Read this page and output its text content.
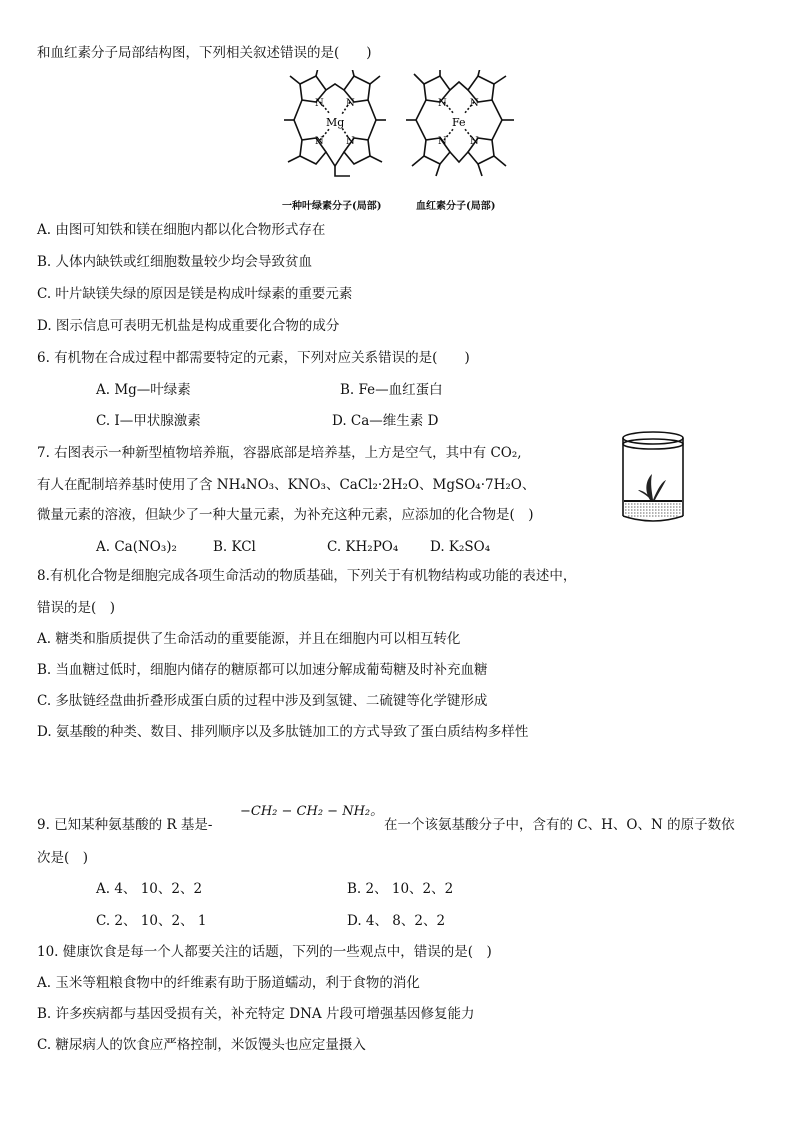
和血红素分子局部结构图，下列相关叙述错误的是(　　)
N N
N N
Mg
一种叶绿素分子(局部)
N N
N N
Fe
血红素分子(局部)
A. 由图可知铁和镁在细胞内都以化合物形式存在
B. 人体内缺铁或红细胞数量较少均会导致贫血
C. 叶片缺镁失绿的原因是镁是构成叶绿素的重要元素
D. 图示信息可表明无机盐是构成重要化合物的成分
6. 有机物在合成过程中都需要特定的元素，下列对应关系错误的是(　　)
A. Mg—叶绿素	B. Fe—血红蛋白
C. I—甲状腺激素	D. Ca—维生素 D
7. 右图表示一种新型植物培养瓶，容器底部是培养基，上方是空气，其中有 CO₂,
有人在配制培养基时使用了含 NH₄NO₃、KNO₃、CaCl₂·2H₂O、MgSO₄·7H₂O、
微量元素的溶液，但缺少了一种大量元素，为补充这种元素，应添加的化合物是(　)
A. Ca(NO₃)₂	B. KCl	C. KH₂PO₄ D. K₂SO₄
8.有机化合物是细胞完成各项生命活动的物质基础，下列关于有机物结构或功能的表述中，
错误的是(　)
A. 糖类和脂质提供了生命活动的重要能源，并且在细胞内可以相互转化
B. 当血糖过低时，细胞内储存的糖原都可以加速分解成葡萄糖及时补充血糖
C. 多肽链经盘曲折叠形成蛋白质的过程中涉及到氢键、二硫键等化学键形成
D. 氨基酸的种类、数目、排列顺序以及多肽链加工的方式导致了蛋白质结构多样性
−CH₂ − CH₂ − NH₂。
9. 已知某种氨基酸的 R 基是-	在一个该氨基酸分子中，含有的 C、H、O、N 的原子数依
次是(　)
A. 4、 10、2、2	B. 2、 10、2、2
C. 2、 10、2、 1	D. 4、 8、2、2
10. 健康饮食是每一个人都要关注的话题，下列的一些观点中，错误的是(　)
A. 玉米等粗粮食物中的纤维素有助于肠道蠕动，利于食物的消化
B. 许多疾病都与基因受损有关，补充特定 DNA 片段可增强基因修复能力
C. 糖尿病人的饮食应严格控制，米饭馒头也应定量摄入
